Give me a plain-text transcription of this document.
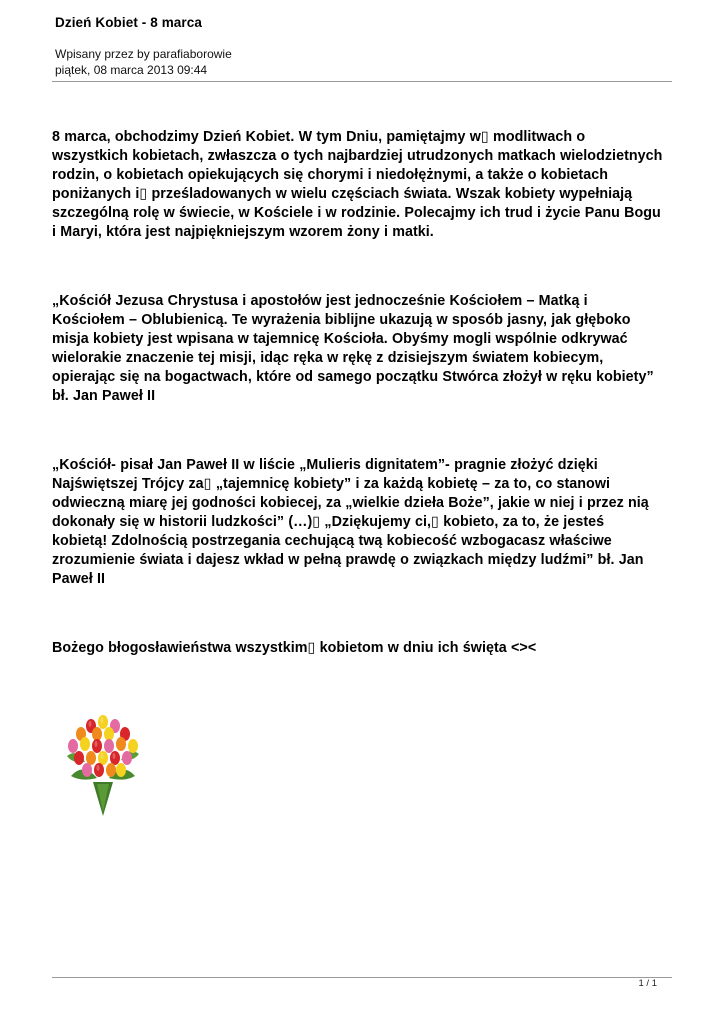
Dzień Kobiet - 8 marca
Wpisany przez by parafiaborowie
piątek, 08 marca 2013 09:44
8 marca, obchodzimy Dzień Kobiet. W tym Dniu, pamiętajmy w▯ modlitwach o
wszystkich kobietach, zwłaszcza o tych najbardziej utrudzonych matkach wielodzietnych
rodzin, o kobietach opiekujących się chorymi i niedołężnymi, a także o kobietach
poniżanych i▯ prześladowanych w wielu częściach świata. Wszak kobiety wypełniają
szczególną rolę w świecie, w Kościele i w rodzinie. Polecajmy ich trud i życie Panu Bogu
i Maryi, która jest najpiękniejszym wzorem żony i matki.
„Kościół Jezusa Chrystusa i apostołów jest jednocześnie Kościołem – Matką i
Kościołem – Oblubienicą. Te wyrażenia biblijne ukazują w sposób jasny, jak głęboko
misja kobiety jest wpisana w tajemnicę Kościoła. Obyśmy mogli wspólnie odkrywać
wielorakie znaczenie tej misji, idąc ręka w rękę z dzisiejszym światem kobiecym,
opierając się na bogactwach, które od samego początku Stwórca złożył w ręku kobiety”
bł. Jan Paweł II
„Kościół- pisał Jan Paweł II w liście „Mulieris dignitatem”- pragnie złożyć dzięki
Najświętszej Trójcy za▯ „tajemnicę kobiety” i za każdą kobietę – za to, co stanowi
odwieczną miarę jej godności kobiecej, za „wielkie dzieła Boże”, jakie w niej i przez nią
dokonały się w historii ludzkości” (…)▯ „Dziękujemy ci,▯ kobieto, za to, że jesteś
kobietą! Zdolnością postrzegania cechującą twą kobiecość wzbogacasz właściwe
zrozumienie świata i dajesz wkład w pełną prawdę o związkach między ludźmi” bł. Jan
Paweł II
Bożego błogosławieństwa wszystkim▯ kobietom w dniu ich święta <><
1 / 1
